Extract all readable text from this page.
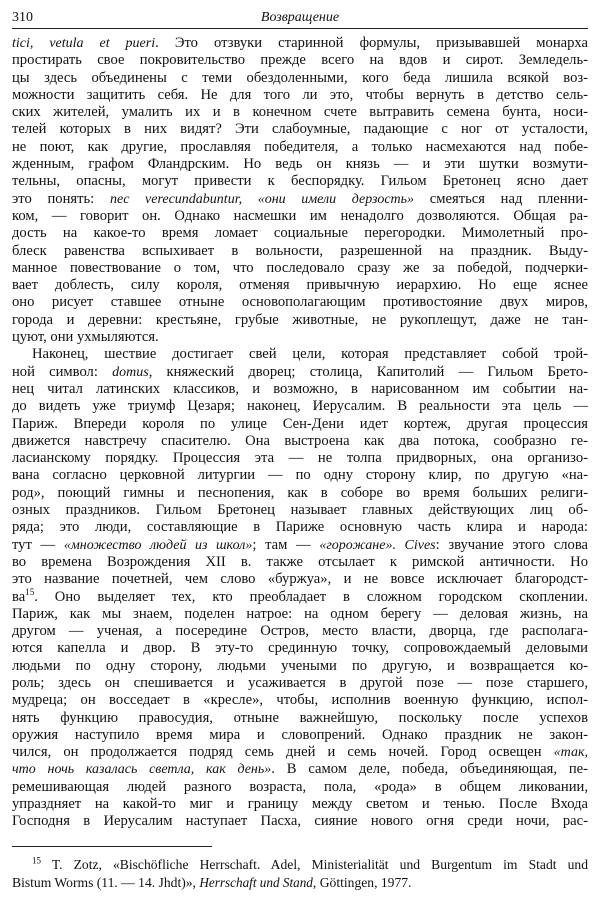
310	Возвращение
tici, vetula et pueri. Это отзвуки старинной формулы, призывавшей монарха
простирать свое покровительство прежде всего на вдов и сирот. Земледель-
цы здесь объединены с теми обездоленными, кого беда лишила всякой воз-
можности защитить себя. Не для того ли это, чтобы вернуть в детство сель-
ских жителей, умалить их и в конечном счете вытравить семена бунта, носи-
телей которых в них видят? Эти слабоумные, падающие с ног от усталости,
не поют, как другие, прославляя победителя, а только насмехаются над побе-
жденным, графом Фландрским. Но ведь он князь — и эти шутки возмути-
тельны, опасны, могут привести к беспорядку. Гильом Бретонец ясно дает
это понять: nec verecundabuntur, «они имели дерзость» смеяться над пленни-
ком, — говорит он. Однако насмешки им ненадолго дозволяются. Общая ра-
дость на какое-то время ломает социальные перегородки. Мимолетный про-
блеск равенства вспыхивает в вольности, разрешенной на праздник. Выду-
манное повествование о том, что последовало сразу же за победой, подчерки-
вает доблесть, силу короля, отменяя привычную иерархию. Но еще яснее
оно рисует ставшее отныне основополагающим противостояние двух миров,
города и деревни: крестьяне, грубые животные, не рукоплещут, даже не тан-
цуют, они ухмыляются.
Наконец, шествие достигает свей цели, которая представляет собой трой-
ной символ: domus, княжеский дворец; столица, Капитолий — Гильом Брето-
нец читал латинских классиков, и возможно, в нарисованном им событии на-
до видеть уже триумф Цезаря; наконец, Иерусалим. В реальности эта цель —
Париж. Впереди короля по улице Сен-Дени идет кортеж, другая процессия
движется навстречу спасителю. Она выстроена как два потока, сообразно ге-
ласианскому порядку. Процессия эта — не толпа придворных, она организо-
вана согласно церковной литургии — по одну сторону клир, по другую «на-
род», поющий гимны и песнопения, как в соборе во время больших религи-
озных праздников. Гильом Бретонец называет главных действующих лиц об-
ряда; это люди, составляющие в Париже основную часть клира и народа:
тут — «множество людей из школ»; там — «горожане». Cives: звучание этого слова
во времена Возрождения XII в. также отсылает к римской античности. Но
это название почетней, чем слово «буржуа», и не вовсе исключает благородст-
$ва^{15}$. Оно выделяет тех, кто преобладает в сложном городском скоплении.
Париж, как мы знаем, поделен натрое: на одном берегу — деловая жизнь, на
другом — ученая, а посередине Остров, место власти, дворца, где располага-
ются капелла и двор. В эту-то срединную точку, сопровождаемый деловыми
людьми по одну сторону, людьми учеными по другую, и возвращается ко-
роль; здесь он спешивается и усаживается в другой позе — позе старшего,
мудреца; он восседает в «кресле», чтобы, исполнив военную функцию, испол-
нять функцию правосудия, отныне важнейшую, поскольку после успехов
оружия наступило время мира и словопрений. Однако праздник не закон-
чился, он продолжается подряд семь дней и семь ночей. Город освещен «так,
что ночь казалась светла, как день». В самом деле, победа, объединяющая, пе-
ремешивающая людей разного возраста, пола, «рода» в общем ликовании,
упраздняет на какой-то миг и границу между светом и тенью. После Входа
Господня в Иерусалим наступает Пасха, сияние нового огня среди ночи, рас-
$^{15}$ T. Zotz, «Bischöfliche Herrschaft. Adel, Ministerialität und Burgentum im Stadt und
Bistum Worms (11. — 14. Jhdt)», Herrschaft und Stand, Göttingen, 1977.
